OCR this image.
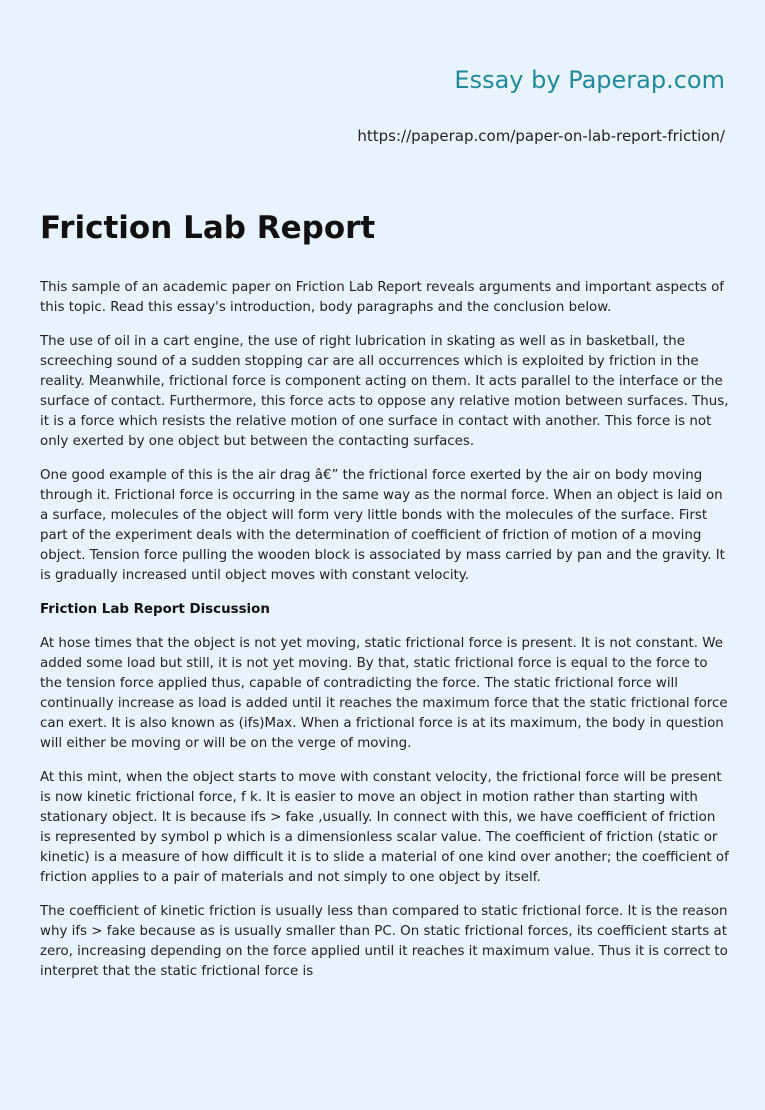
Essay by Paperap.com
https://paperap.com/paper-on-lab-report-friction/
Friction Lab Report

This sample of an academic paper on Friction Lab Report reveals arguments and important aspects of this topic. Read this essay's introduction, body paragraphs and the conclusion below.

The use of oil in a cart engine, the use of right lubrication in skating as well as in basketball, the screeching sound of a sudden stopping car are all occurrences which is exploited by friction in the reality. Meanwhile, frictional force is component acting on them. It acts parallel to the interface or the surface of contact. Furthermore, this force acts to oppose any relative motion between surfaces. Thus, it is a force which resists the relative motion of one surface in contact with another. This force is not only exerted by one object but between the contacting surfaces.

One good example of this is the air drag â€” the frictional force exerted by the air on body moving through it. Frictional force is occurring in the same way as the normal force. When an object is laid on a surface, molecules of the object will form very little bonds with the molecules of the surface. First part of the experiment deals with the determination of coefficient of friction of motion of a moving object. Tension force pulling the wooden block is associated by mass carried by pan and the gravity. It is gradually increased until object moves with constant velocity.

Friction Lab Report Discussion

At hose times that the object is not yet moving, static frictional force is present. It is not constant. We added some load but still, it is not yet moving. By that, static frictional force is equal to the force to the tension force applied thus, capable of contradicting the force. The static frictional force will continually increase as load is added until it reaches the maximum force that the static frictional force can exert. It is also known as (ifs)Max. When a frictional force is at its maximum, the body in question will either be moving or will be on the verge of moving.

At this mint, when the object starts to move with constant velocity, the frictional force will be present is now kinetic frictional force, f k. It is easier to move an object in motion rather than starting with stationary object. It is because ifs > fake ,usually. In connect with this, we have coefficient of friction is represented by symbol p which is a dimensionless scalar value. The coefficient of friction (static or kinetic) is a measure of how difficult it is to slide a material of one kind over another; the coefficient of friction applies to a pair of materials and not simply to one object by itself.

The coefficient of kinetic friction is usually less than compared to static frictional force. It is the reason why ifs > fake because as is usually smaller than PC. On static frictional forces, its coefficient starts at zero, increasing depending on the force applied until it reaches it maximum value. Thus it is correct to interpret that the static frictional force is
